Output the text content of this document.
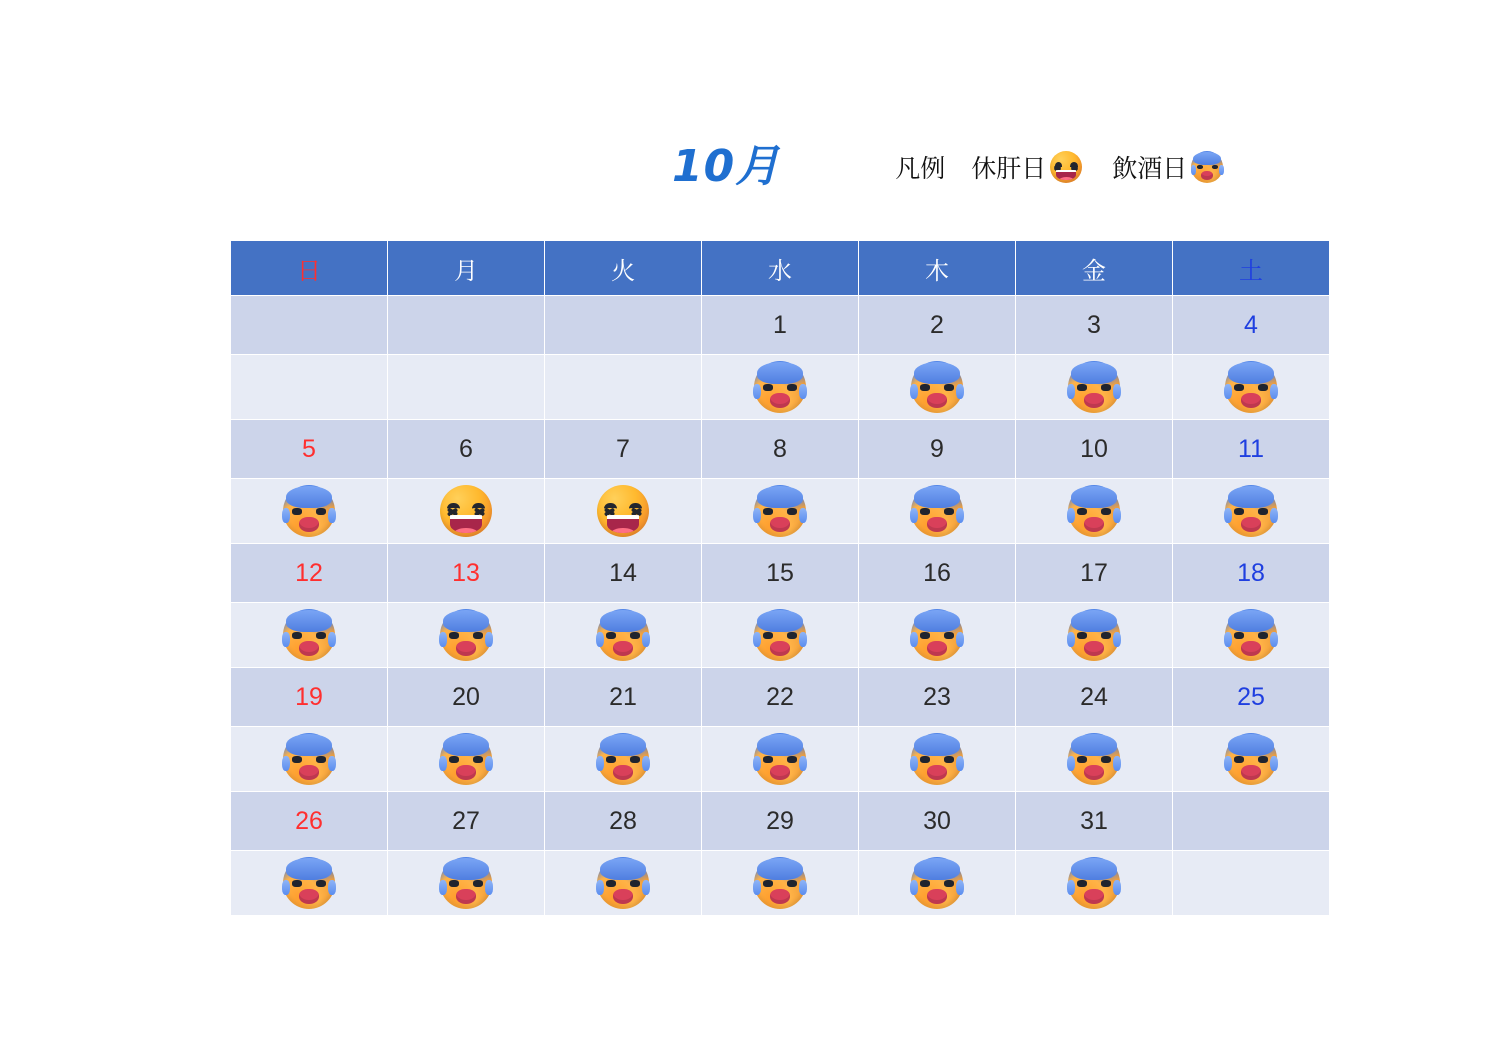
10月	凡例 休肝日	飲酒日
日	月	火	水	木	金	土
			1	2	3	4

5	6	7	8	9	10	11

12	13	14	15	16	17	18

19	20	21	22	23	24	25

26	27	28	29	30	31	
